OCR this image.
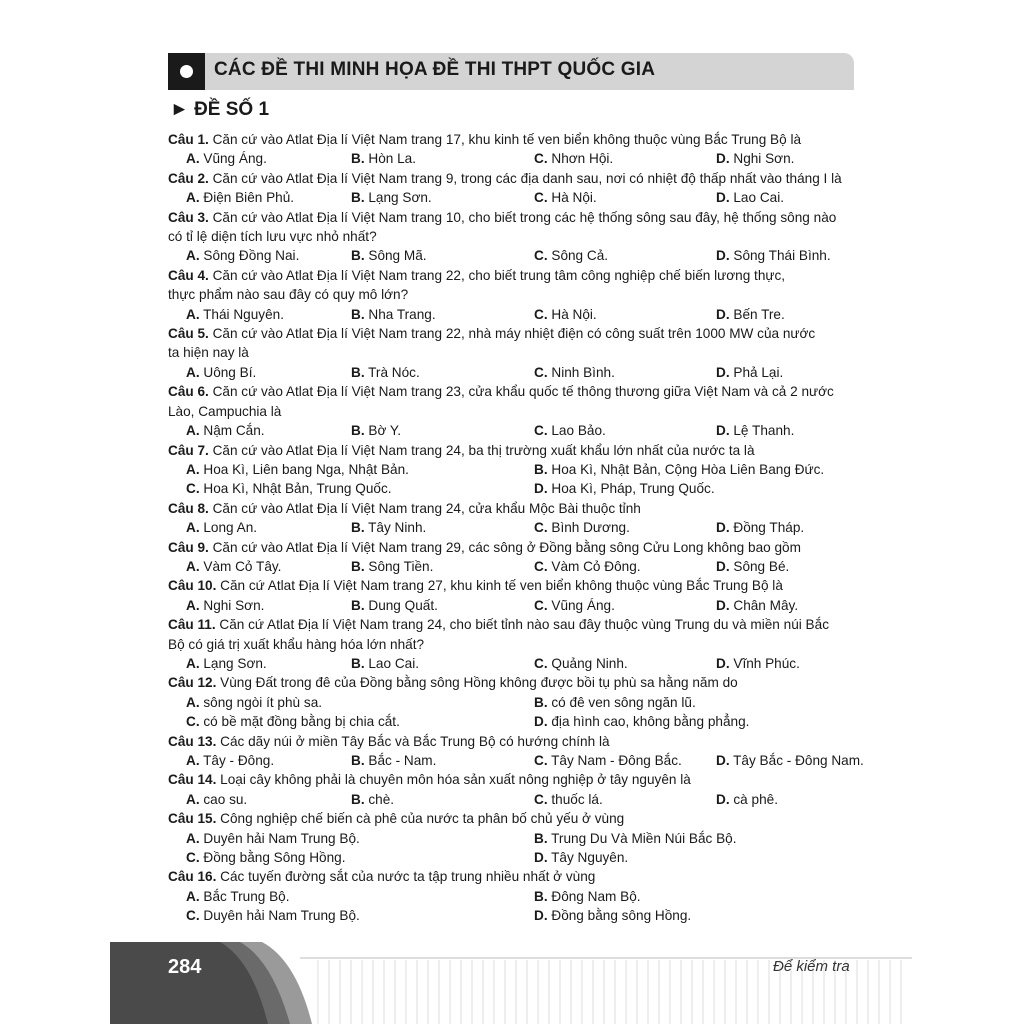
CÁC ĐỀ THI MINH HỌA ĐỀ THI THPT QUỐC GIA
► ĐỀ SỐ 1
Câu 1. Căn cứ vào Atlat Địa lí Việt Nam trang 17, khu kinh tế ven biển không thuộc vùng Bắc Trung Bộ là
A. Vũng Áng.	B. Hòn La.	C. Nhơn Hội.	D. Nghi Sơn.
Câu 2. Căn cứ vào Atlat Địa lí Việt Nam trang 9, trong các địa danh sau, nơi có nhiệt độ thấp nhất vào tháng I là
A. Điện Biên Phủ.	B. Lạng Sơn.	C. Hà Nội.	D. Lao Cai.
Câu 3. Căn cứ vào Atlat Địa lí Việt Nam trang 10, cho biết trong các hệ thống sông sau đây, hệ thống sông nào
có tỉ lệ diện tích lưu vực nhỏ nhất?
A. Sông Đồng Nai.	B. Sông Mã.	C. Sông Cả.	D. Sông Thái Bình.
Câu 4. Căn cứ vào Atlat Địa lí Việt Nam trang 22, cho biết trung tâm công nghiệp chế biến lương thực,
thực phẩm nào sau đây có quy mô lớn?
A. Thái Nguyên.	B. Nha Trang.	C. Hà Nội.	D. Bến Tre.
Câu 5. Căn cứ vào Atlat Địa lí Việt Nam trang 22, nhà máy nhiệt điện có công suất trên 1000 MW của nước
ta hiện nay là
A. Uông Bí.	B. Trà Nóc.	C. Ninh Bình.	D. Phả Lại.
Câu 6. Căn cứ vào Atlat Địa lí Việt Nam trang 23, cửa khẩu quốc tế thông thương giữa Việt Nam và cả 2 nước
Lào, Campuchia là
A. Nậm Cắn.	B. Bờ Y.	C. Lao Bảo.	D. Lệ Thanh.
Câu 7. Căn cứ vào Atlat Địa lí Việt Nam trang 24, ba thị trường xuất khẩu lớn nhất của nước ta là
A. Hoa Kì, Liên bang Nga, Nhật Bản.	B. Hoa Kì, Nhật Bản, Cộng Hòa Liên Bang Đức.
C. Hoa Kì, Nhật Bản, Trung Quốc.	D. Hoa Kì, Pháp, Trung Quốc.
Câu 8. Căn cứ vào Atlat Địa lí Việt Nam trang 24, cửa khẩu Mộc Bài thuộc tỉnh
A. Long An.	B. Tây Ninh.	C. Bình Dương.	D. Đồng Tháp.
Câu 9. Căn cứ vào Atlat Địa lí Việt Nam trang 29, các sông ở Đồng bằng sông Cửu Long không bao gồm
A. Vàm Cỏ Tây.	B. Sông Tiền.	C. Vàm Cỏ Đông.	D. Sông Bé.
Câu 10. Căn cứ Atlat Địa lí Việt Nam trang 27, khu kinh tế ven biển không thuộc vùng Bắc Trung Bộ là
A. Nghi Sơn.	B. Dung Quất.	C. Vũng Áng.	D. Chân Mây.
Câu 11. Căn cứ Atlat Địa lí Việt Nam trang 24, cho biết tỉnh nào sau đây thuộc vùng Trung du và miền núi Bắc
Bộ có giá trị xuất khẩu hàng hóa lớn nhất?
A. Lạng Sơn.	B. Lao Cai.	C. Quảng Ninh.	D. Vĩnh Phúc.
Câu 12. Vùng Đất trong đê của Đồng bằng sông Hồng không được bồi tụ phù sa hằng năm do
A. sông ngòi ít phù sa.	B. có đê ven sông ngăn lũ.
C. có bề mặt đồng bằng bị chia cắt.	D. địa hình cao, không bằng phẳng.
Câu 13. Các dãy núi ở miền Tây Bắc và Bắc Trung Bộ có hướng chính là
A. Tây - Đông.	B. Bắc - Nam.	C. Tây Nam - Đông Bắc.	D. Tây Bắc - Đông Nam.
Câu 14. Loại cây không phải là chuyên môn hóa sản xuất nông nghiệp ở tây nguyên là
A. cao su.	B. chè.	C. thuốc lá.	D. cà phê.
Câu 15. Công nghiệp chế biến cà phê của nước ta phân bố chủ yếu ở vùng
A. Duyên hải Nam Trung Bộ.	B. Trung Du Và Miền Núi Bắc Bộ.
C. Đồng bằng Sông Hồng.	D. Tây Nguyên.
Câu 16. Các tuyến đường sắt của nước ta tập trung nhiều nhất ở vùng
A. Bắc Trung Bộ.	B. Đông Nam Bộ.
C. Duyên hải Nam Trung Bộ.	D. Đồng bằng sông Hồng.
284	Để kiểm tra
